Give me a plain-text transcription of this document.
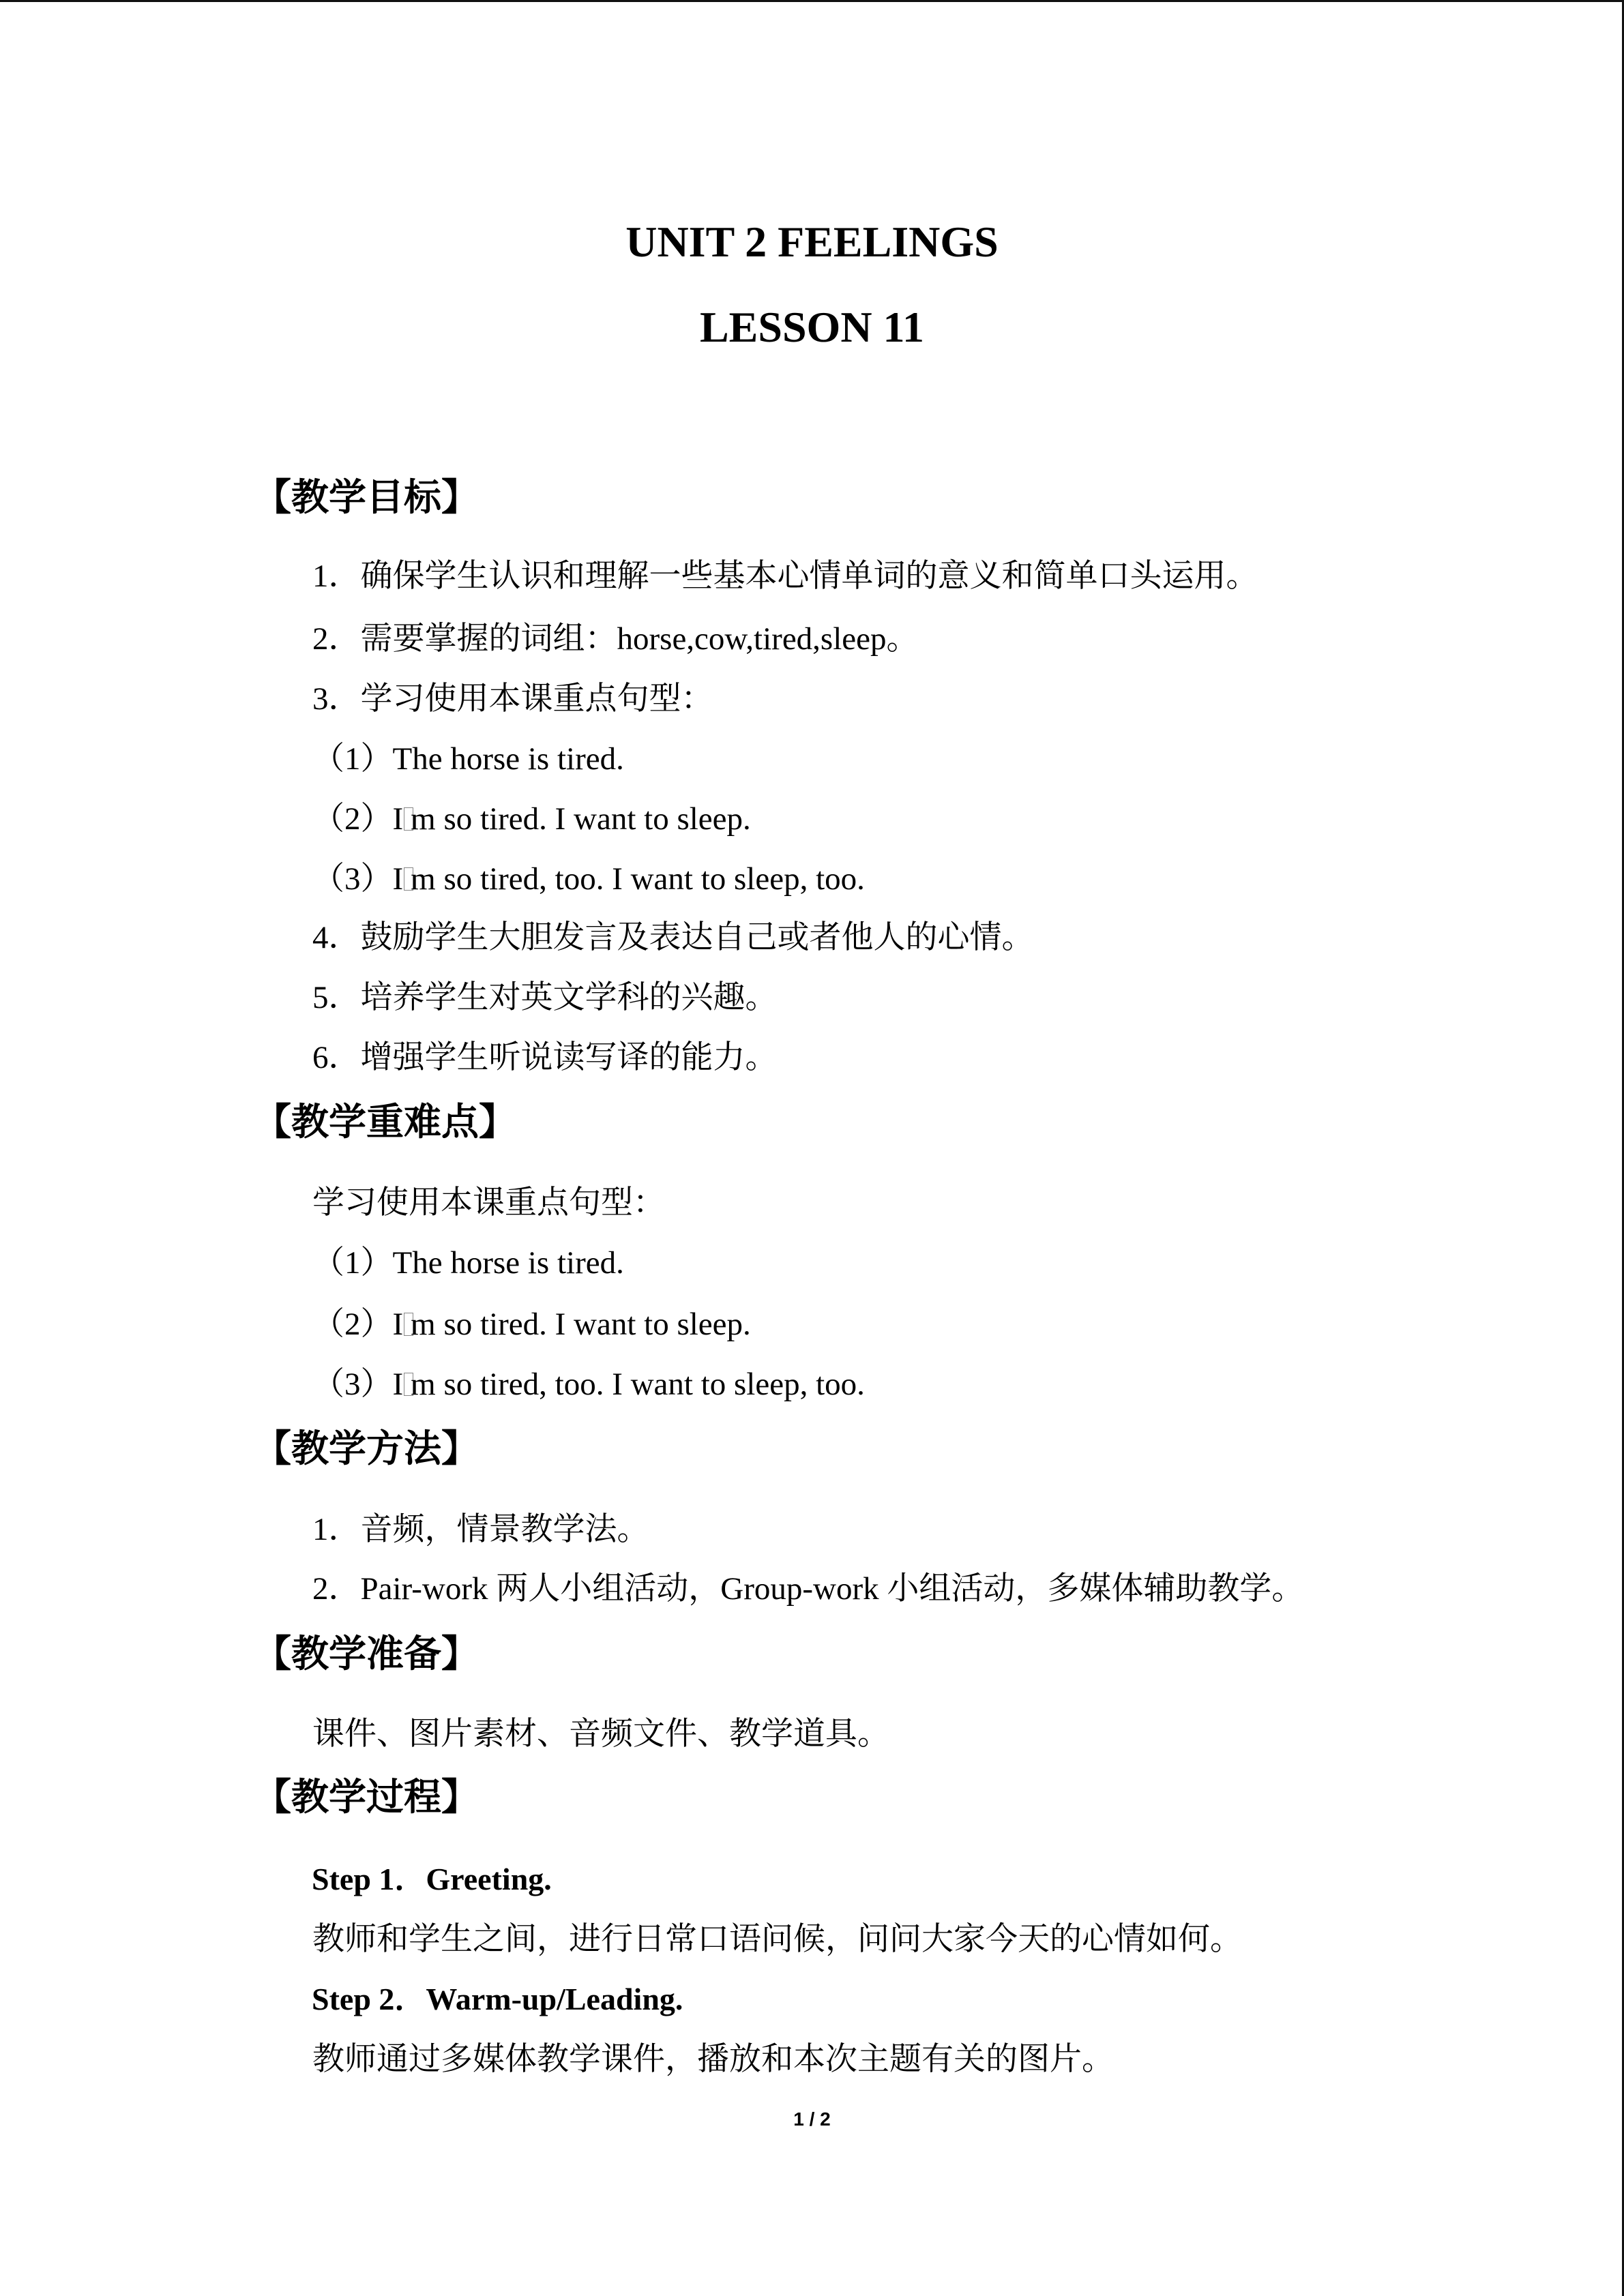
UNIT 2 FEELINGS
LESSON 11
【教学目标】
1．确保学生认识和理解一些基本心情单词的意义和简单口头运用。
2．需要掌握的词组：horse,cow,tired,sleep。
3．学习使用本课重点句型：
（1）The horse is tired.
（2）I m so tired. I want to sleep.
（3）I m so tired, too. I want to sleep, too.
4．鼓励学生大胆发言及表达自己或者他人的心情。
5．培养学生对英文学科的兴趣。
6．增强学生听说读写译的能力。
【教学重难点】
学习使用本课重点句型：
（1）The horse is tired.
（2）I m so tired. I want to sleep.
（3）I m so tired, too. I want to sleep, too.
【教学方法】
1．音频，情景教学法。
2．Pair-work 两人小组活动，Group-work 小组活动，多媒体辅助教学。
【教学准备】
课件、图片素材、音频文件、教学道具。
【教学过程】
Step 1．Greeting.
教师和学生之间，进行日常口语问候，问问大家今天的心情如何。
Step 2．Warm-up/Leading.
教师通过多媒体教学课件，播放和本次主题有关的图片。
1 / 2
